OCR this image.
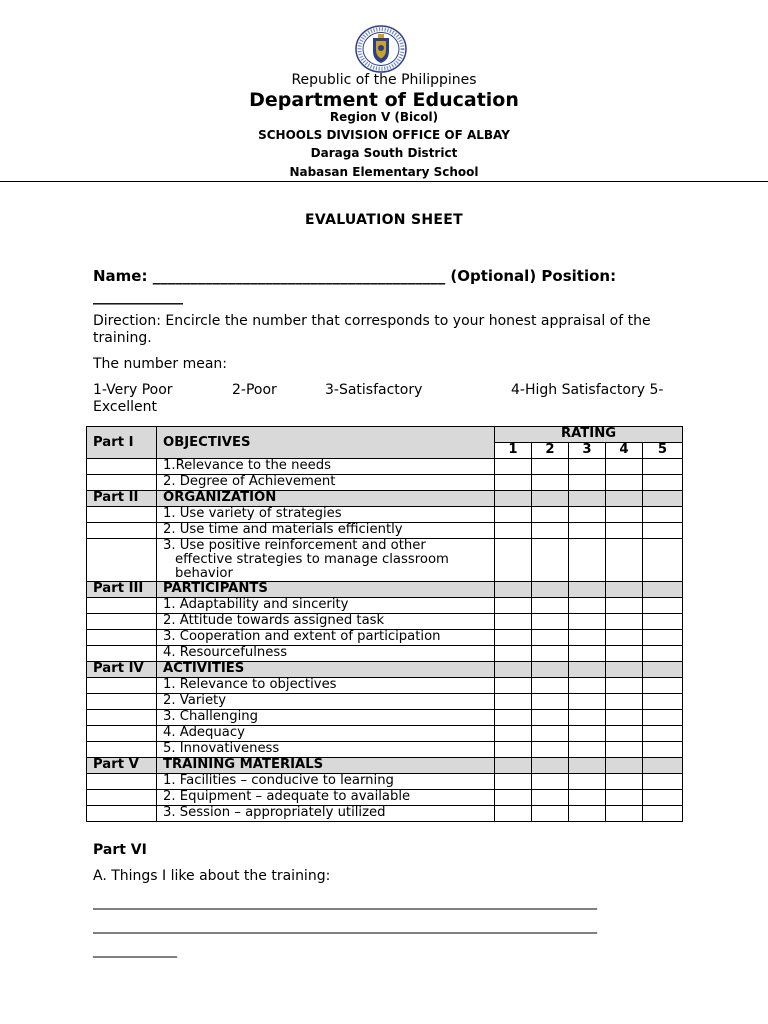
Republic of the Philippines
Department of Education
Region V (Bicol)
SCHOOLS DIVISION OFFICE OF ALBAY
Daraga South District
Nabasan Elementary School
EVALUATION SHEET
Name: _______________________________________ (Optional) Position: ____________
Direction: Encircle the number that corresponds to your honest appraisal of the training.
The number mean:
1-Very Poor	2-Poor	3-Satisfactory	4-High Satisfactory 5-
Excellent
Part I	OBJECTIVES	RATING				
		1	2	3	4	5
	1.Relevance to the needs					
	2. Degree of Achievement					
Part II	ORGANIZATION					
	1. Use variety of strategies					
	2. Use time and materials efficiently					

	3. Use positive reinforcement and other
effective strategies to manage classroom
behavior					

Part III	PARTICIPANTS					
	1. Adaptability and sincerity					
	2. Attitude towards assigned task					
	3. Cooperation and extent of participation					
	4. Resourcefulness					
Part IV	ACTIVITIES					
	1. Relevance to objectives					
	2. Variety					
	3. Challenging					
	4. Adequacy					
	5. Innovativeness					
Part V	TRAINING MATERIALS					
	1. Facilities – conducive to learning					
	2. Equipment – adequate to available					
	3. Session – appropriately utilized					
Part VI
A. Things I like about the training:
________________________________________________________________________
________________________________________________________________________
____________
